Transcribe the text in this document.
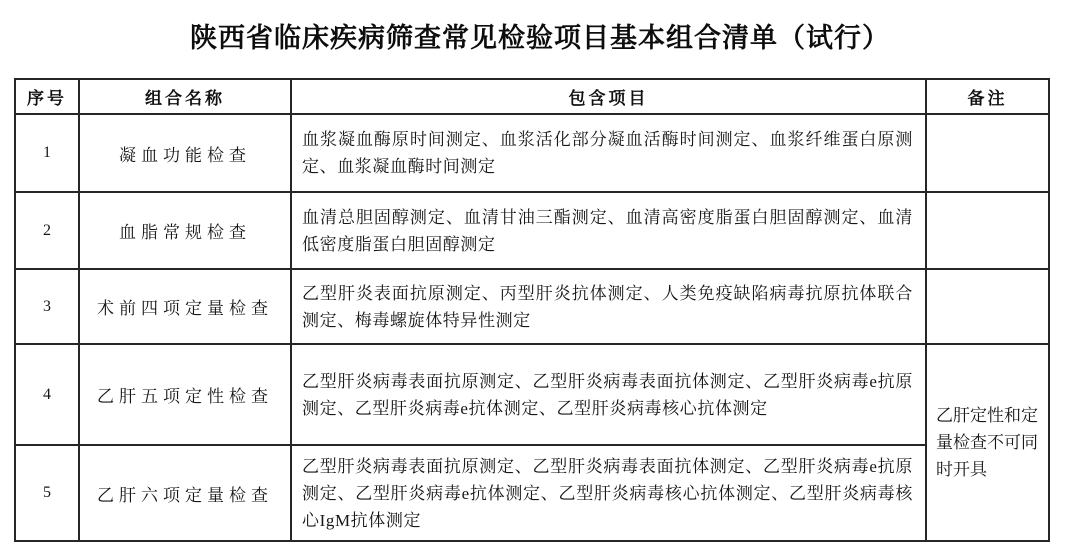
陕西省临床疾病筛查常见检验项目基本组合清单（试行）
序号	组合名称	包含项目	备注
1	凝血功能检查	血浆凝血酶原时间测定、血浆活化部分凝血活酶时间测定、血浆纤维蛋白原测定、血浆凝血酶时间测定	
2	血脂常规检查	血清总胆固醇测定、血清甘油三酯测定、血清高密度脂蛋白胆固醇测定、血清低密度脂蛋白胆固醇测定	
3	术前四项定量检查	乙型肝炎表面抗原测定、丙型肝炎抗体测定、人类免疫缺陷病毒抗原抗体联合测定、梅毒螺旋体特异性测定	
4	乙肝五项定性检查	乙型肝炎病毒表面抗原测定、乙型肝炎病毒表面抗体测定、乙型肝炎病毒e抗原测定、乙型肝炎病毒e抗体测定、乙型肝炎病毒核心抗体测定	乙肝定性和定量检查不可同时开具
5	乙肝六项定量检查	乙型肝炎病毒表面抗原测定、乙型肝炎病毒表面抗体测定、乙型肝炎病毒e抗原测定、乙型肝炎病毒e抗体测定、乙型肝炎病毒核心抗体测定、乙型肝炎病毒核心IgM抗体测定	
